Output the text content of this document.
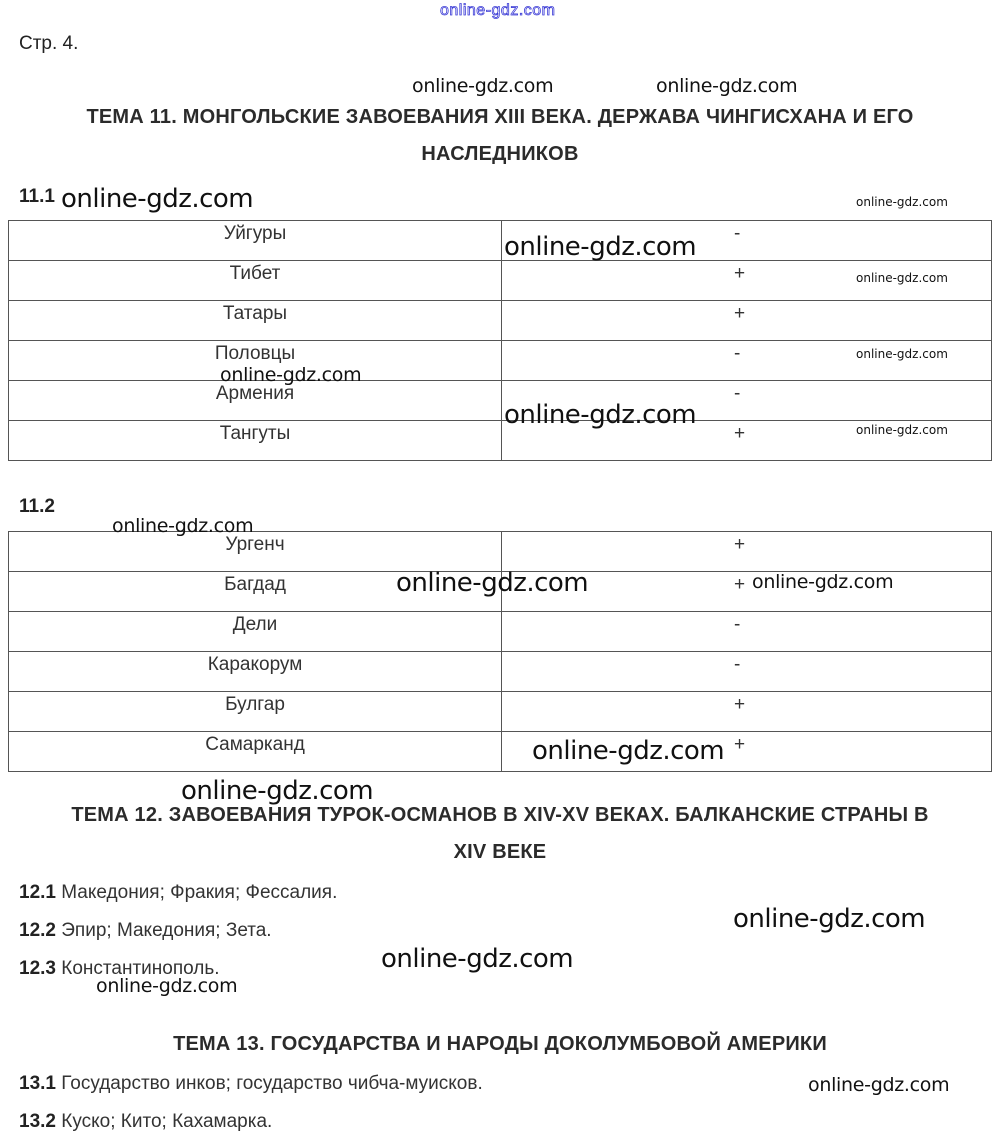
online-gdz.com
Стр. 4.
ТЕМА 11. МОНГОЛЬСКИЕ ЗАВОЕВАНИЯ XIII ВЕКА. ДЕРЖАВА ЧИНГИСХАНА И ЕГО
НАСЛЕДНИКОВ
11.1
Уйгуры	-
Тибет	+
Татары	+
Половцы	-
Армения	-
Тангуты	+
11.2
Ургенч	+
Багдад	+
Дели	-
Каракорум	-
Булгар	+
Самарканд	+
ТЕМА 12. ЗАВОЕВАНИЯ ТУРОК-ОСМАНОВ В XIV-XV ВЕКАХ. БАЛКАНСКИЕ СТРАНЫ В
XIV ВЕКЕ
12.1 Македония; Фракия; Фессалия.
12.2 Эпир; Македония; Зета.
12.3 Константинополь.
ТЕМА 13. ГОСУДАРСТВА И НАРОДЫ ДОКОЛУМБОВОЙ АМЕРИКИ
13.1 Государство инков; государство чибча-муисков.
13.2 Куско; Кито; Кахамарка.
online-gdz.com	online-gdz.com
online-gdz.com	online-gdz.com
online-gdz.com
online-gdz.com
online-gdz.com
online-gdz.com
online-gdz.com	online-gdz.com
online-gdz.com
online-gdz.com	online-gdz.com
online-gdz.com
online-gdz.com
online-gdz.com
online-gdz.com
online-gdz.com
online-gdz.com
